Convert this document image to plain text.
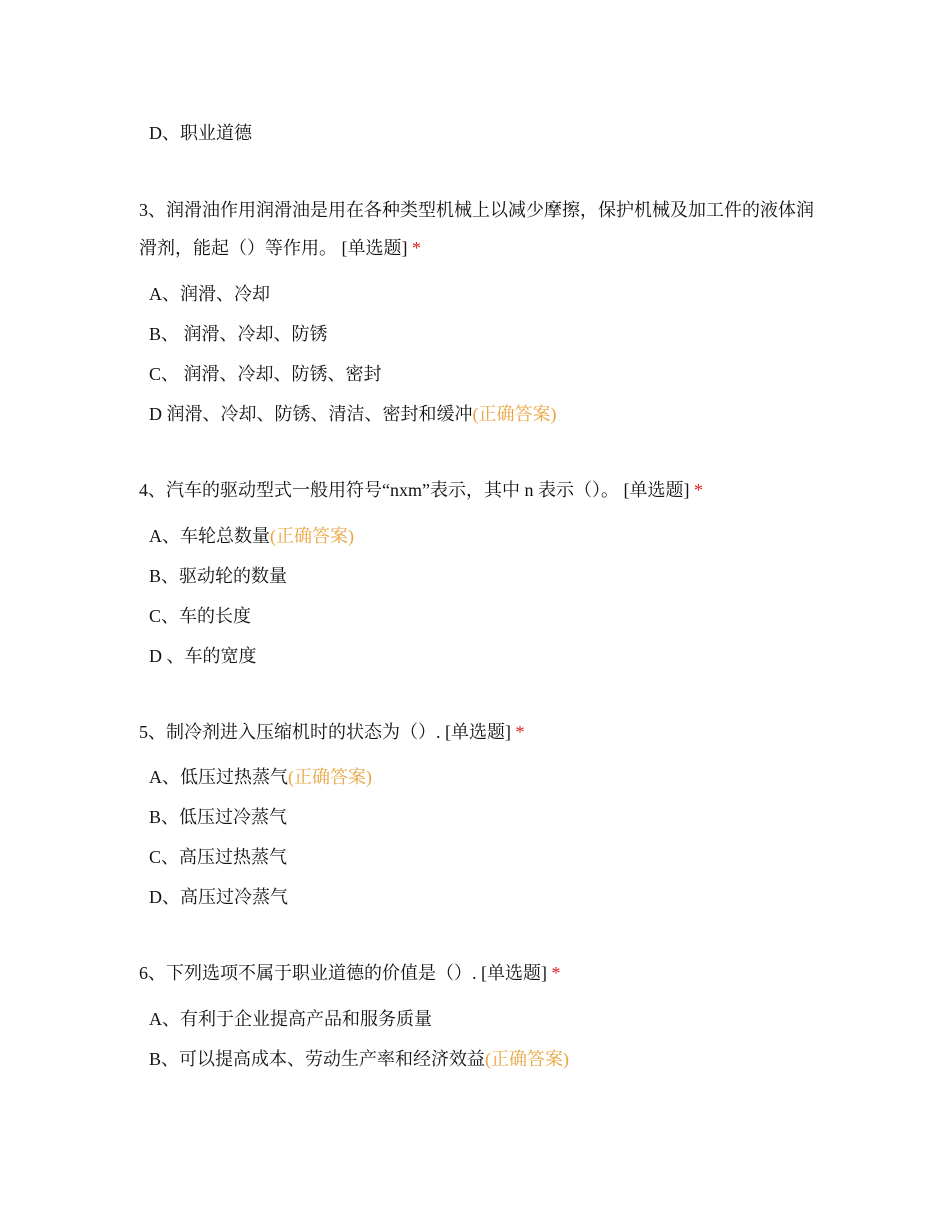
D、职业道德
3、润滑油作用润滑油是用在各种类型机械上以减少摩擦，保护机械及加工件的液体润滑剂，能起（）等作用。 [单选题] *
A、润滑、冷却
B、 润滑、冷却、防锈
C、 润滑、冷却、防锈、密封
D 润滑、冷却、防锈、清洁、密封和缓冲(正确答案)
4、汽车的驱动型式一般用符号“nxm”表示，其中 n 表示（）。 [单选题] *
A、车轮总数量(正确答案)
B、驱动轮的数量
C、车的长度
D 、车的宽度
5、制冷剂进入压缩机时的状态为（）. [单选题] *
A、低压过热蒸气(正确答案)
B、低压过冷蒸气
C、高压过热蒸气
D、高压过冷蒸气
6、下列选项不属于职业道德的价值是（）. [单选题] *
A、有利于企业提高产品和服务质量
B、可以提高成本、劳动生产率和经济效益(正确答案)
